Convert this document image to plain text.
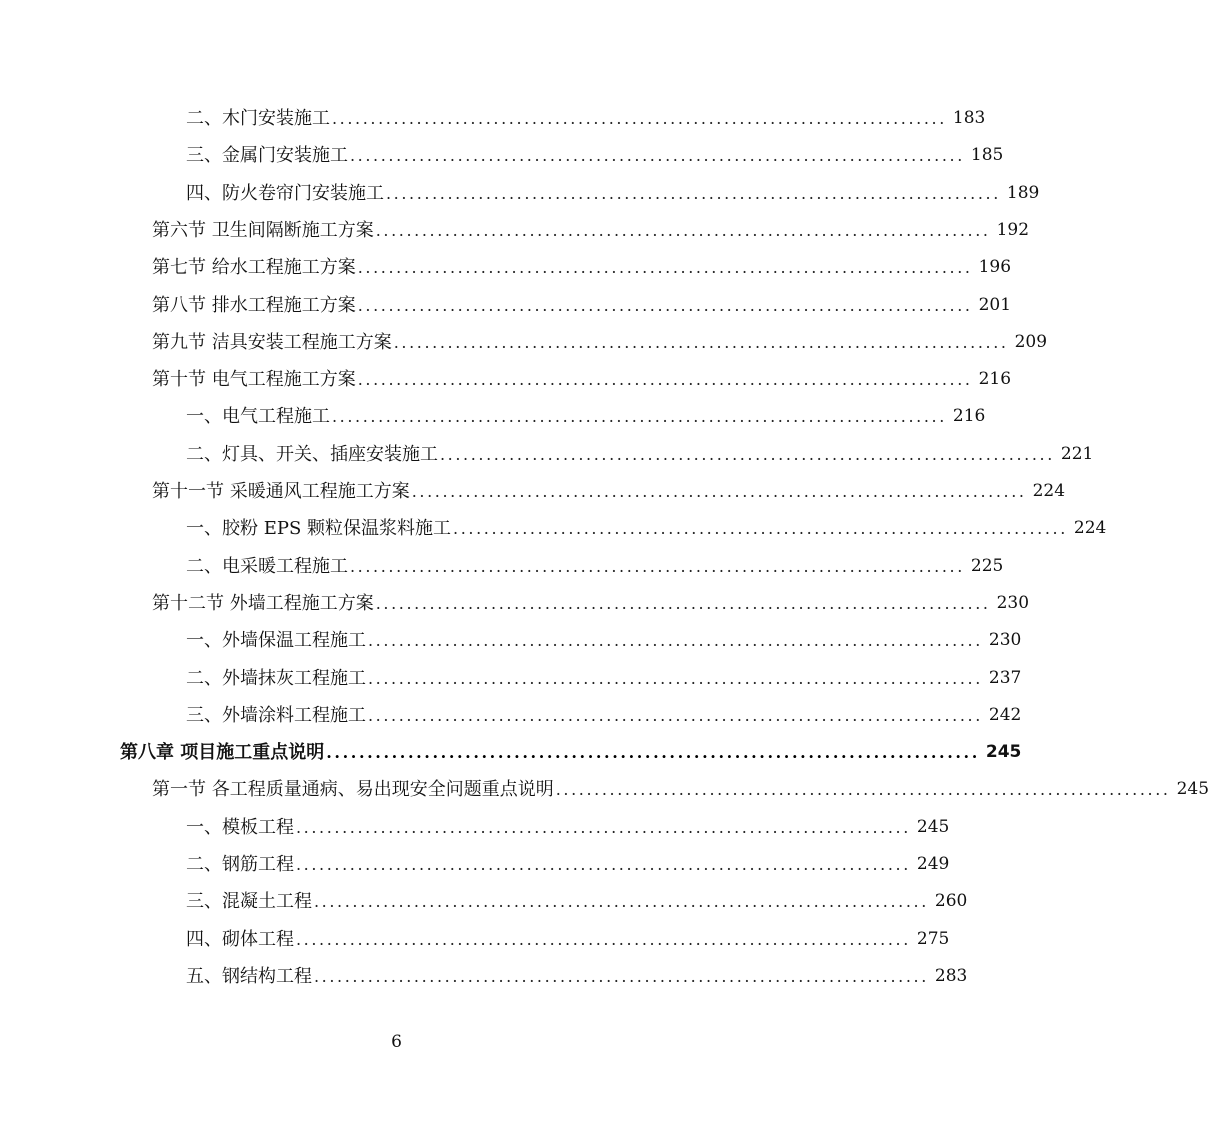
二、木门安装施工 ................................................................................ 183
三、金属门安装施工 ................................................................................ 185
四、防火卷帘门安装施工 ................................................................................ 189
第六节 卫生间隔断施工方案 ................................................................................ 192
第七节 给水工程施工方案 ................................................................................ 196
第八节 排水工程施工方案 ................................................................................ 201
第九节 洁具安装工程施工方案 ................................................................................ 209
第十节 电气工程施工方案 ................................................................................ 216
一、电气工程施工 ................................................................................ 216
二、灯具、开关、插座安装施工 ................................................................................ 221
第十一节 采暖通风工程施工方案 ................................................................................ 224
一、胶粉 EPS 颗粒保温浆料施工 ................................................................................ 224
二、电采暖工程施工 ................................................................................ 225
第十二节 外墙工程施工方案 ................................................................................ 230
一、外墙保温工程施工 ................................................................................ 230
二、外墙抹灰工程施工 ................................................................................ 237
三、外墙涂料工程施工 ................................................................................ 242
第八章 项目施工重点说明 ................................................................................ 245
第一节 各工程质量通病、易出现安全问题重点说明 ................................................................................ 245
一、模板工程 ................................................................................ 245
二、钢筋工程 ................................................................................ 249
三、混凝土工程 ................................................................................ 260
四、砌体工程 ................................................................................ 275
五、钢结构工程 ................................................................................ 283
6
